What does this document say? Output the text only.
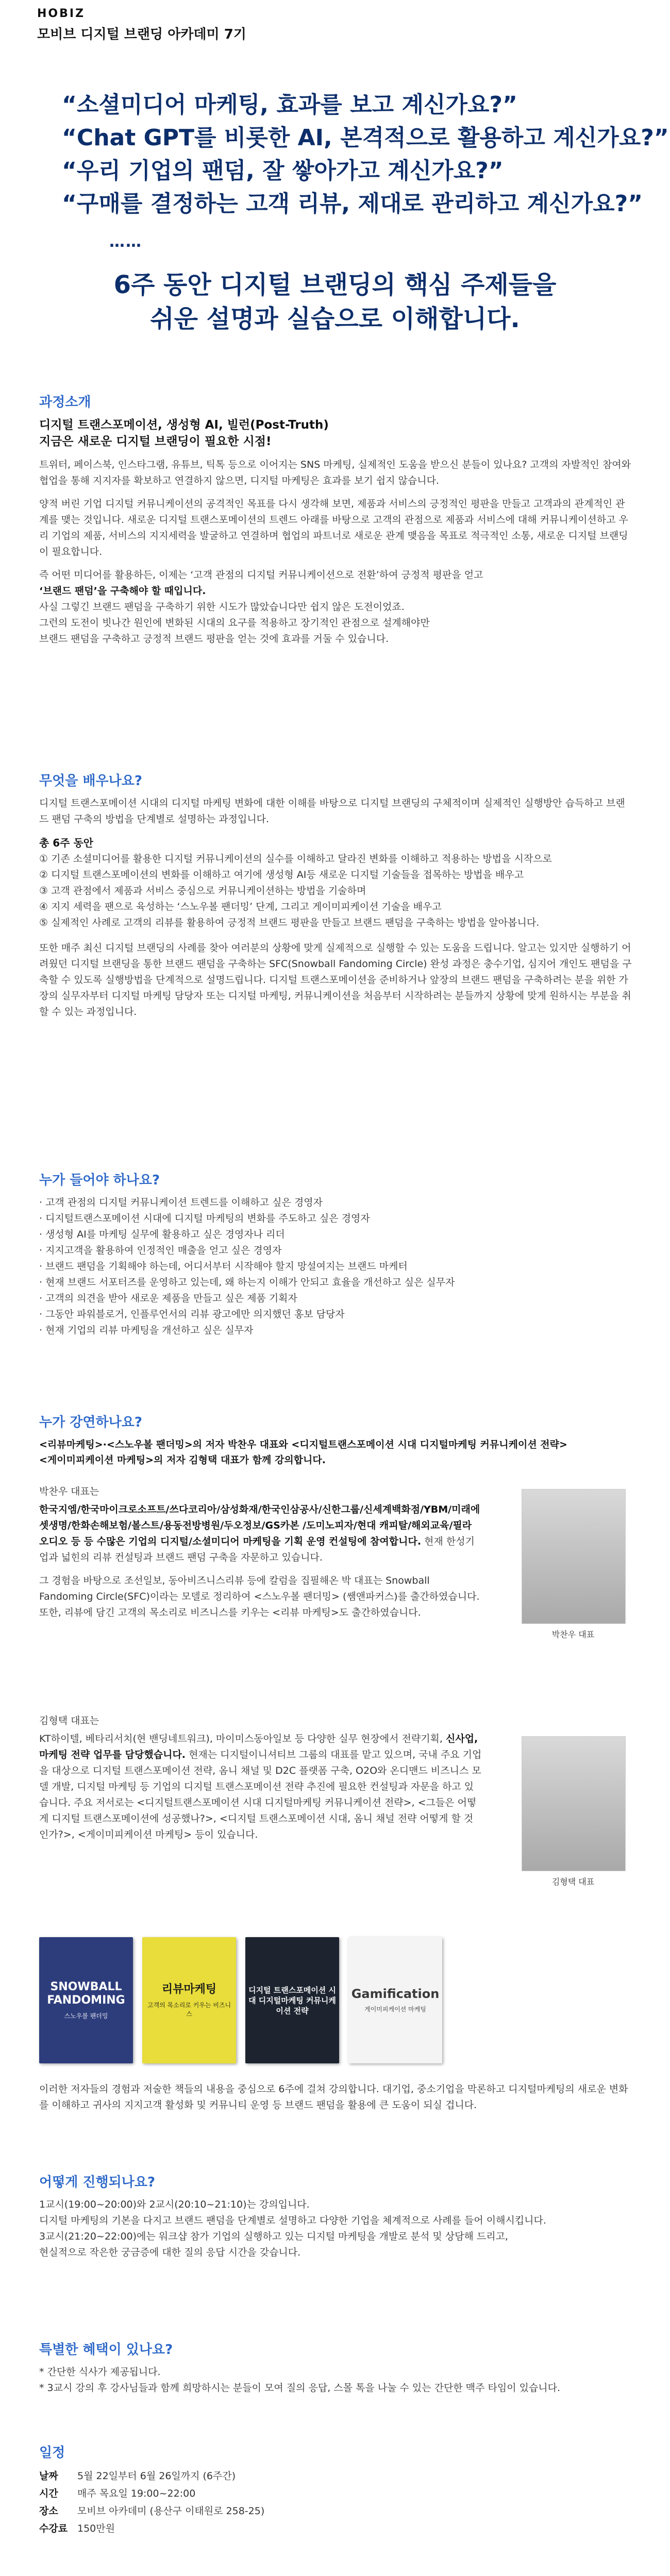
HOBIZ
모비브 디지털 브랜딩 아카데미 7기
“소셜미디어 마케팅, 효과를 보고 계신가요?”
“Chat GPT를 비롯한 AI, 본격적으로 활용하고 계신가요?”
“우리 기업의 팬덤, 잘 쌓아가고 계신가요?”
“구매를 결정하는 고객 리뷰, 제대로 관리하고 계신가요?”
……
6주 동안 디지털 브랜딩의 핵심 주제들을
쉬운 설명과 실습으로 이해합니다.
과정소개

디지털 트랜스포메이션, 생성형 AI, 빌런(Post-Truth)

지금은 새로운 디지털 브랜딩이 필요한 시점!

트위터, 페이스북, 인스타그램, 유튜브, 틱톡 등으로 이어지는 SNS 마케팅, 실제적인 도움을 받으신 분들이 있나요? 고객의 자발적인 참여와 협업을 통해 지지자를 확보하고 연결하지 않으면, 디지털 마케팅은 효과를 보기 쉽지 않습니다.

양적 버린 기업 디지털 커뮤니케이션의 공격적인 목표를 다시 생각해 보면, 제품과 서비스의 긍정적인 평판을 만들고 고객과의 관계적인 관계를 맺는 것입니다. 새로운 디지털 트랜스포메이션의 트렌드 아래를 바탕으로 고객의 관점으로 제품과 서비스에 대해 커뮤니케이션하고 우리 기업의 제품, 서비스의 지지세력을 발굴하고 연결하며 협업의 파트너로 새로운 관계 맺음을 목표로 적극적인 소통, 새로운 디지털 브랜딩이 필요합니다.

즉 어떤 미디어를 활용하든, 이제는 ‘고객 관점의 디지털 커뮤니케이션으로 전환’하여 긍정적 평판을 얻고
‘브랜드 팬덤’을 구축해야 할 때입니다.
사실 그렇긴 브랜드 팬덤을 구축하기 위한 시도가 많았습니다만 쉽지 않은 도전이었죠.
그런의 도전이 빗나간 원인에 변화된 시대의 요구를 적용하고 장기적인 관점으로 설계해야만
브랜드 팬덤을 구축하고 긍정적 브랜드 평판을 얻는 것에 효과를 거둘 수 있습니다.

무엇을 배우나요?

디지털 트랜스포메이션 시대의 디지털 마케팅 변화에 대한 이해를 바탕으로 디지털 브랜딩의 구체적이며 실제적인 실행방안 습득하고 브랜드 팬덤 구축의 방법을 단계별로 설명하는 과정입니다.

총 6주 동안

① 기존 소셜미디어를 활용한 디지털 커뮤니케이션의 실수를 이해하고 달라진 변화를 이해하고 적용하는 방법을 시작으로
② 디지털 트랜스포메이션의 변화를 이해하고 여기에 생성형 AI등 새로운 디지털 기술들을 접목하는 방법을 배우고
③ 고객 관점에서 제품과 서비스 중심으로 커뮤니케이션하는 방법을 기술하며
④ 지지 세력을 팬으로 육성하는 ‘스노우볼 팬더밍’ 단계, 그리고 게이미피케이션 기술을 배우고
⑤ 실제적인 사례로 고객의 리뷰를 활용하여 긍정적 브랜드 평판을 만들고 브랜드 팬덤을 구축하는 방법을 알아봅니다.

또한 매주 최신 디지털 브랜딩의 사례를 찾아 여러분의 상황에 맞게 실제적으로 실행할 수 있는 도움을 드립니다. 알고는 있지만 실행하기 어려웠던 디지털 브랜딩을 통한 브랜드 팬덤을 구축하는 SFC(Snowball Fandoming Circle) 완성 과정은 충수기업, 심지어 개인도 팬덤을 구축할 수 있도록 실행방법을 단계적으로 설명드립니다. 디지털 트랜스포메이션을 준비하거나 앞장의 브랜드 팬덤을 구축하려는 분을 위한 가장의 실무자부터 디지털 마케팅 담당자 또는 디지털 마케팅, 커뮤니케이션을 처음부터 시작하려는 분들까지 상황에 맞게 원하시는 부분을 취할 수 있는 과정입니다.

누가 들어야 하나요?
· 고객 관점의 디지털 커뮤니케이션 트렌드를 이해하고 싶은 경영자
· 디지털트랜스포메이션 시대에 디지털 마케팅의 변화를 주도하고 싶은 경영자
· 생성형 AI를 마케팅 실무에 활용하고 싶은 경영자나 리더
· 지지고객을 활용하여 인정적인 매출을 얻고 싶은 경영자
· 브랜드 팬덤을 기획해야 하는데, 어디서부터 시작해야 할지 망설여지는 브랜드 마케터
· 현재 브랜드 서포터즈를 운영하고 있는데, 왜 하는지 이해가 안되고 효율을 개선하고 싶은 실무자
· 고객의 의견을 받아 새로운 제품을 만들고 싶은 제품 기획자
· 그동안 파워블로거, 인플루언서의 리뷰 광고에만 의지했던 홍보 담당자
· 현재 기업의 리뷰 마케팅을 개선하고 싶은 실무자
누가 강연하나요?

<리뷰마케팅>·<스노우볼 팬더밍>의 저자 박찬우 대표와 <디지털트랜스포메이션 시대 디지털마케팅 커뮤니케이션 전략>

<게이미피케이션 마케팅>의 저자 김형택 대표가 함께 강의합니다.

박찬우 대표는

한국지엠/한국마이크로소프트/쓰다코리아/삼성화재/한국인삼공사/신한그룹/신세계백화점/YBM/미래에셋생명/한화손해보험/볼스트/용동전방병원/두오정보/GS카본 /도미노피자/현대 캐피탈/해외교육/필라 오디오 등 등 수많은 기업의 디지털/소셜미디어 마케팅을 기획 운영 컨설팅에 참여합니다. 현재 한성기업과 넓힌의 리뷰 컨설팅과 브랜드 팬덤 구축을 자문하고 있습니다.

그 경험을 바탕으로 조선일보, 동아비즈니스리뷰 등에 칼럼을 집필해온 박 대표는 Snowball Fandoming Circle(SFC)이라는 모델로 정리하여 <스노우볼 팬더밍> (쌤앤파커스)를 출간하였습니다. 또한, 리뷰에 담긴 고객의 목소리로 비즈니스를 키우는 <리뷰 마케팅>도 출간하였습니다.

박찬우 대표

김형택 대표는

KT하이텔, 베타리서치(현 밴딩네트워크), 마이미스동아일보 등 다양한 실무 현장에서 전략기획, 신사업, 마케팅 전략 업무를 담당했습니다. 현재는 디지털이니셔티브 그룹의 대표를 맡고 있으며, 국내 주요 기업을 대상으로 디지털 트랜스포메이션 전략, 옴니 채널 및 D2C 플랫폼 구축, O2O와 온디맨드 비즈니스 모델 개발, 디지털 마케팅 등 기업의 디지털 트랜스포메이션 전략 추진에 필요한 컨설팅과 자문을 하고 있습니다. 주요 저서로는 <디지털트랜스포메이션 시대 디지털마케팅 커뮤니케이션 전략>, <그들은 어떻게 디지털 트랜스포메이션에 성공했나?>, <디지털 트랜스포메이션 시대, 옴니 채널 전략 어떻게 할 것인가?>, <게이미피케이션 마케팅> 등이 있습니다.

김형택 대표
SNOWBALL FANDOMING
스노우볼 팬더밍
리뷰마케팅
고객의 목소리로 키우는 비즈니스
디지털 트랜스포메이션 시대 디지털마케팅 커뮤니케이션 전략
Gamification
게이미피케이션 마케팅

이러한 저자들의 경험과 저술한 책들의 내용을 중심으로 6주에 걸쳐 강의합니다. 대기업, 중소기업을 막론하고 디지털마케팅의 새로운 변화를 이해하고 귀사의 지지고객 활성화 및 커뮤니티 운영 등 브랜드 팬덤을 활용에 큰 도움이 되실 겁니다.

어떻게 진행되나요?
1교시(19:00~20:00)와 2교시(20:10~21:10)는 강의입니다.
디지털 마케팅의 기본을 다지고 브랜드 팬덤을 단계별로 설명하고 다양한 기업을 체계적으로 사례를 들어 이해시킵니다.
3교시(21:20~22:00)에는 워크샵 참가 기업의 실행하고 있는 디지털 마케팅을 개발로 분석 및 상담해 드리고,
현실적으로 작은한 궁금증에 대한 질의 응답 시간을 갖습니다.
특별한 혜택이 있나요?
* 간단한 식사가 제공됩니다.
* 3교시 강의 후 강사님들과 함께 희망하시는 분들이 모여 질의 응답, 스몰 톡을 나눌 수 있는 간단한 맥주 타임이 있습니다.
일정
날짜	5월 22일부터 6월 26일까지 (6주간)
시간	매주 목요일 19:00~22:00
장소	모비브 아카데미 (용산구 이태원로 258-25)
수강료 150만원
